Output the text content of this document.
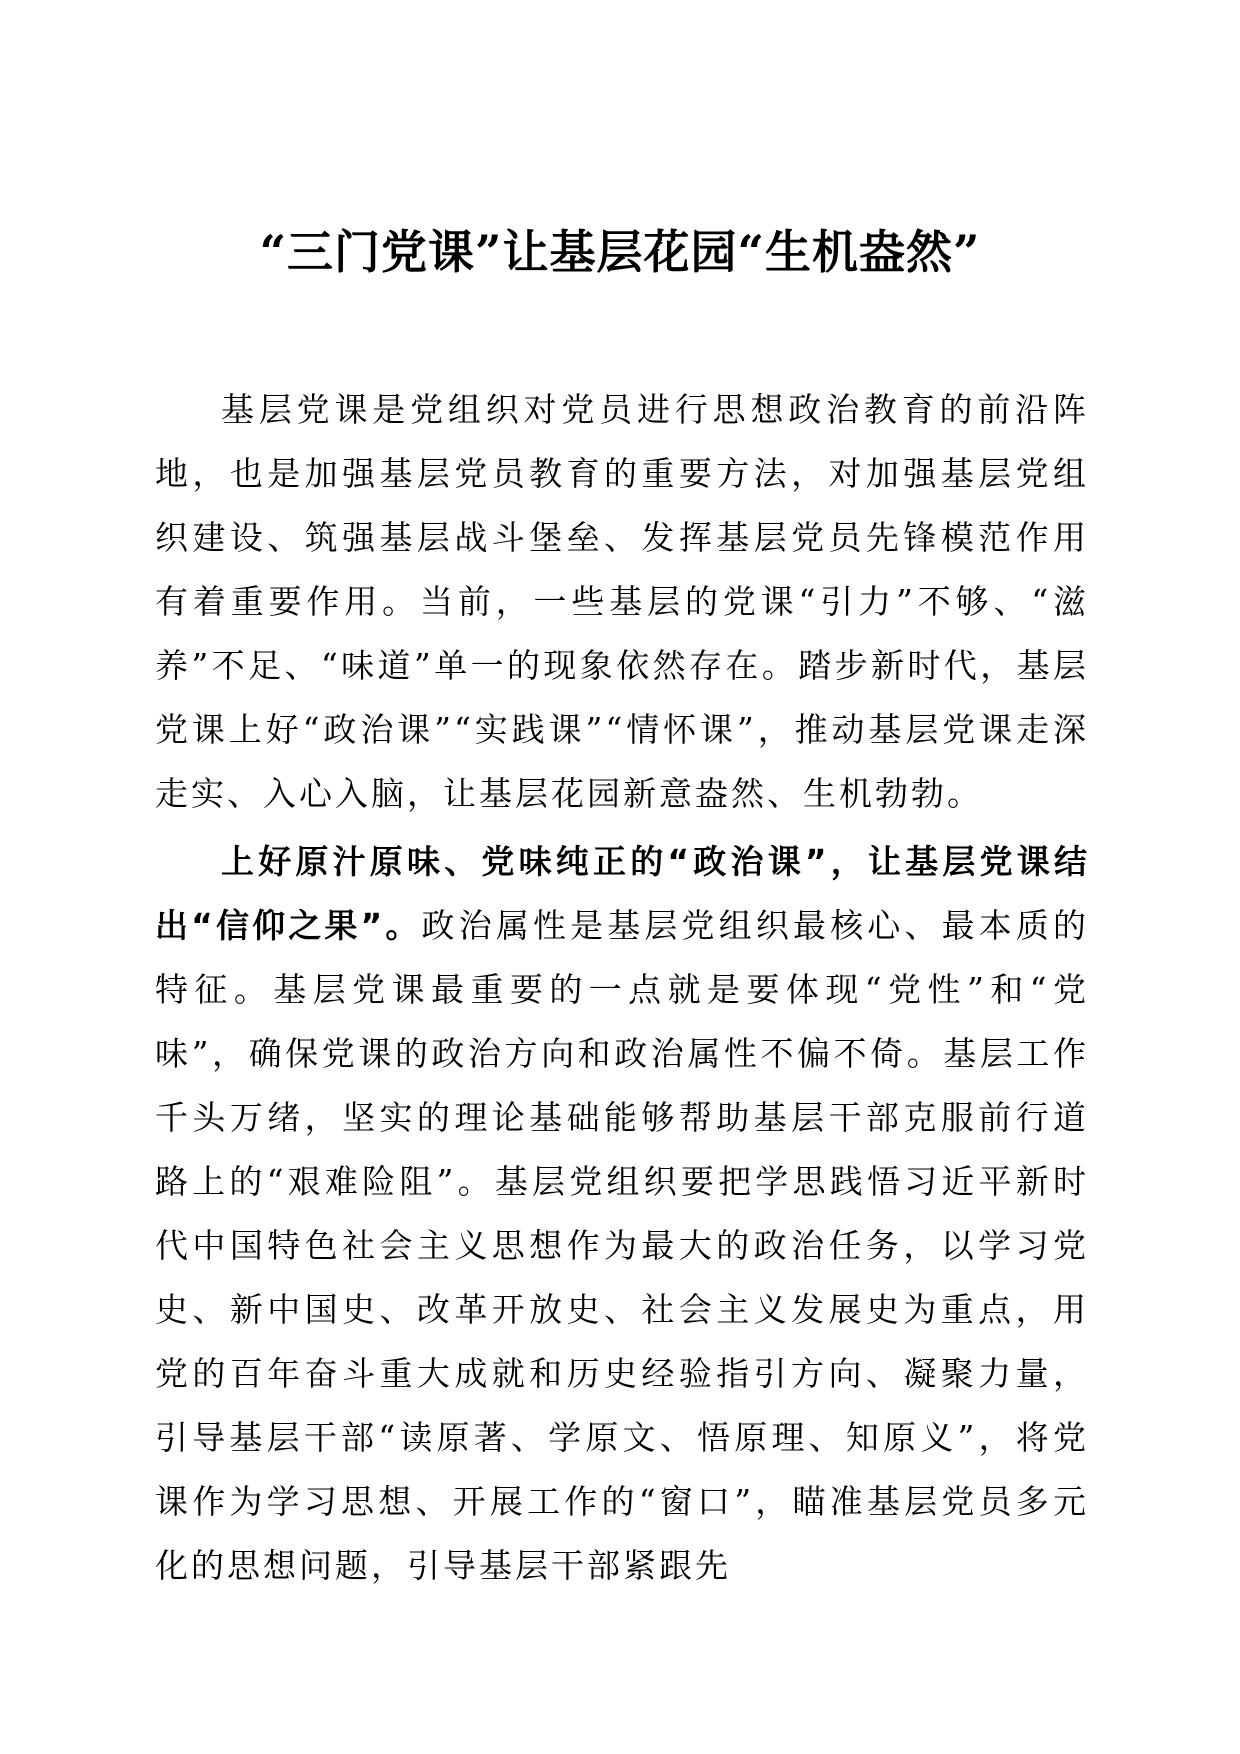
“三门党课”让基层花园“生机盎然”

基层党课是党组织对党员进行思想政治教育的前沿阵地，也是加强基层党员教育的重要方法，对加强基层党组织建设、筑强基层战斗堡垒、发挥基层党员先锋模范作用有着重要作用。当前，一些基层的党课“引力”不够、“滋养”不足、“味道”单一的现象依然存在。踏步新时代，基层党课上好“政治课”“实践课”“情怀课”，推动基层党课走深走实、入心入脑，让基层花园新意盎然、生机勃勃。

上好原汁原味、党味纯正的“政治课”，让基层党课结出“信仰之果”。政治属性是基层党组织最核心、最本质的特征。基层党课最重要的一点就是要体现“党性”和“党味”，确保党课的政治方向和政治属性不偏不倚。基层工作千头万绪，坚实的理论基础能够帮助基层干部克服前行道路上的“艰难险阻”。基层党组织要把学思践悟习近平新时代中国特色社会主义思想作为最大的政治任务，以学习党史、新中国史、改革开放史、社会主义发展史为重点，用党的百年奋斗重大成就和历史经验指引方向、凝聚力量，引导基层干部“读原著、学原文、悟原理、知原义”，将党课作为学习思想、开展工作的“窗口”，瞄准基层党员多元化的思想问题，引导基层干部紧跟先
